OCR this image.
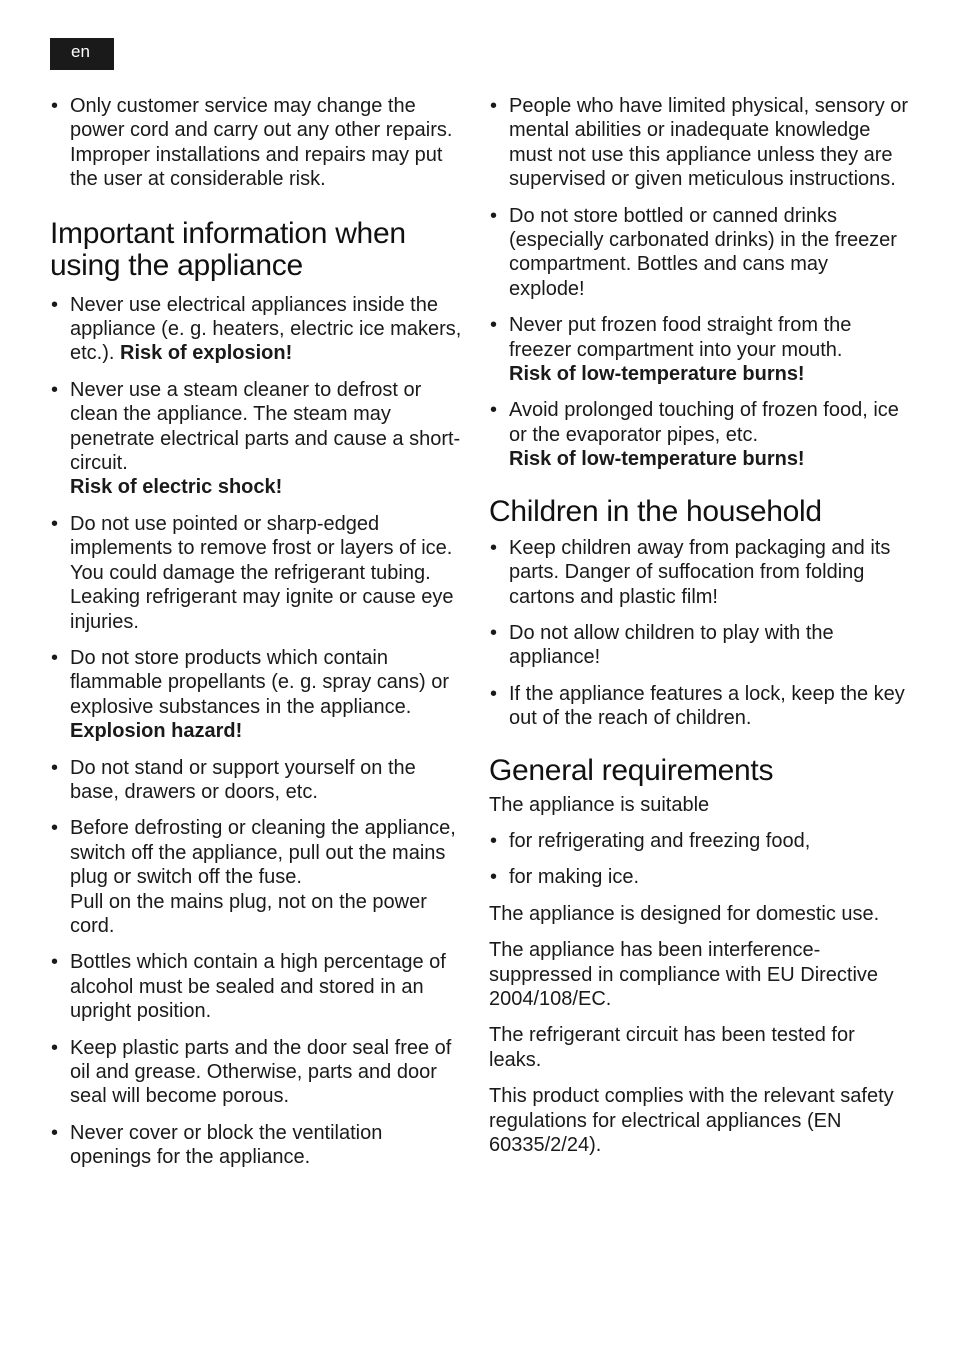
en
• Only customer service may change the power cord and carry out any other repairs. Improper installations and repairs may put the user at considerable risk.
Important information when using the appliance
• Never use electrical appliances inside the appliance (e. g. heaters, electric ice makers, etc.). Risk of explosion!
• Never use a steam cleaner to defrost or clean the appliance. The steam may penetrate electrical parts and cause a short-circuit.
Risk of electric shock!
• Do not use pointed or sharp-edged implements to remove frost or layers of ice.
You could damage the refrigerant tubing. Leaking refrigerant may ignite or cause eye injuries.
• Do not store products which contain flammable propellants (e. g. spray cans) or explosive substances in the appliance. Explosion hazard!
• Do not stand or support yourself on the base, drawers or doors, etc.
• Before defrosting or cleaning the appliance, switch off the appliance, pull out the mains plug or switch off the fuse.
Pull on the mains plug, not on the power cord.
• Bottles which contain a high percentage of alcohol must be sealed and stored in an upright position.
• Keep plastic parts and the door seal free of oil and grease. Otherwise, parts and door seal will become porous.
• Never cover or block the ventilation openings for the appliance.
• People who have limited physical, sensory or mental abilities or inadequate knowledge must not use this appliance unless they are supervised or given meticulous instructions.
• Do not store bottled or canned drinks (especially carbonated drinks) in the freezer compartment. Bottles and cans may explode!
• Never put frozen food straight from the freezer compartment into your mouth.
Risk of low-temperature burns!
• Avoid prolonged touching of frozen food, ice or the evaporator pipes, etc.
Risk of low-temperature burns!
Children in the household
• Keep children away from packaging and its parts. Danger of suffocation from folding cartons and plastic film!
• Do not allow children to play with the appliance!
• If the appliance features a lock, keep the key out of the reach of children.
General requirements

The appliance is suitable

• for refrigerating and freezing food,
• for making ice.

The appliance is designed for domestic use.

The appliance has been interference-suppressed in compliance with EU Directive 2004/108/EC.

The refrigerant circuit has been tested for leaks.

This product complies with the relevant safety regulations for electrical appliances (EN 60335/2/24).
